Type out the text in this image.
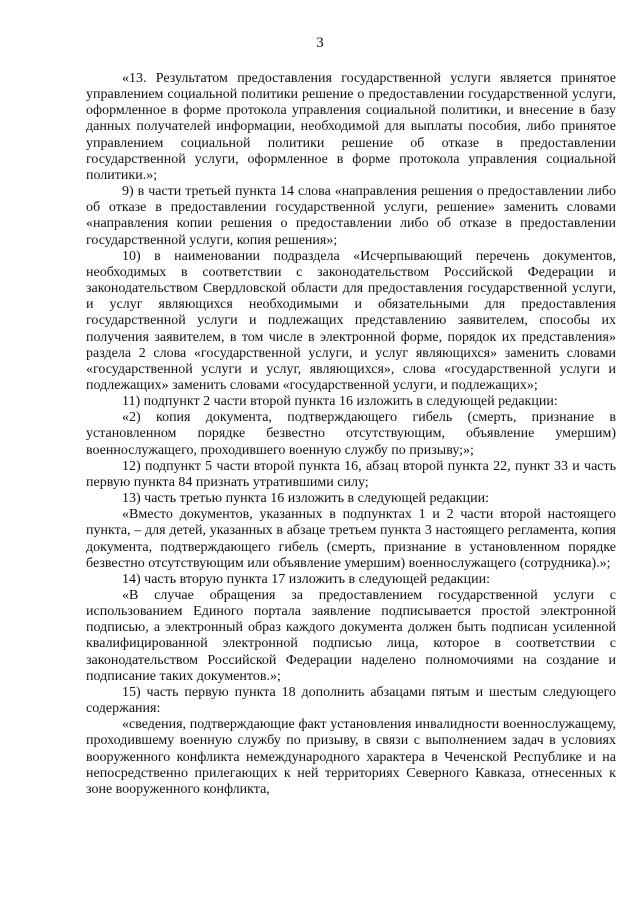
3

«13. Результатом предоставления государственной услуги является принятое управлением социальной политики решение о предоставлении государственной услуги, оформленное в форме протокола управления социальной политики, и внесение в базу данных получателей информации, необходимой для выплаты пособия, либо принятое управлением социальной политики решение об отказе в предоставлении государственной услуги, оформленное в форме протокола управления социальной политики.»;

9) в части третьей пункта 14 слова «направления решения о предоставлении либо об отказе в предоставлении государственной услуги, решение» заменить словами «направления копии решения о предоставлении либо об отказе в предоставлении государственной услуги, копия решения»;

10) в наименовании подраздела «Исчерпывающий перечень документов, необходимых в соответствии с законодательством Российской Федерации и законодательством Свердловской области для предоставления государственной услуги, и услуг являющихся необходимыми и обязательными для предоставления государственной услуги и подлежащих представлению заявителем, способы их получения заявителем, в том числе в электронной форме, порядок их представления» раздела 2 слова «государственной услуги, и услуг являющихся» заменить словами «государственной услуги и услуг, являющихся», слова «государственной услуги и подлежащих» заменить словами «государственной услуги, и подлежащих»;

11) подпункт 2 части второй пункта 16 изложить в следующей редакции:

«2) копия документа, подтверждающего гибель (смерть, признание в установленном порядке безвестно отсутствующим, объявление умершим) военнослужащего, проходившего военную службу по призыву;»;

12) подпункт 5 части второй пункта 16, абзац второй пункта 22, пункт 33 и часть первую пункта 84 признать утратившими силу;

13) часть третью пункта 16 изложить в следующей редакции:

«Вместо документов, указанных в подпунктах 1 и 2 части второй настоящего пункта, – для детей, указанных в абзаце третьем пункта 3 настоящего регламента, копия документа, подтверждающего гибель (смерть, признание в установленном порядке безвестно отсутствующим или объявление умершим) военнослужащего (сотрудника).»;

14) часть вторую пункта 17 изложить в следующей редакции:

«В случае обращения за предоставлением государственной услуги с использованием Единого портала заявление подписывается простой электронной подписью, а электронный образ каждого документа должен быть подписан усиленной квалифицированной электронной подписью лица, которое в соответствии с законодательством Российской Федерации наделено полномочиями на создание и подписание таких документов.»;

15) часть первую пункта 18 дополнить абзацами пятым и шестым следующего содержания:

«сведения, подтверждающие факт установления инвалидности военнослужащему, проходившему военную службу по призыву, в связи с выполнением задач в условиях вооруженного конфликта немеждународного характера в Чеченской Республике и на непосредственно прилегающих к ней территориях Северного Кавказа, отнесенных к зоне вооруженного конфликта,
